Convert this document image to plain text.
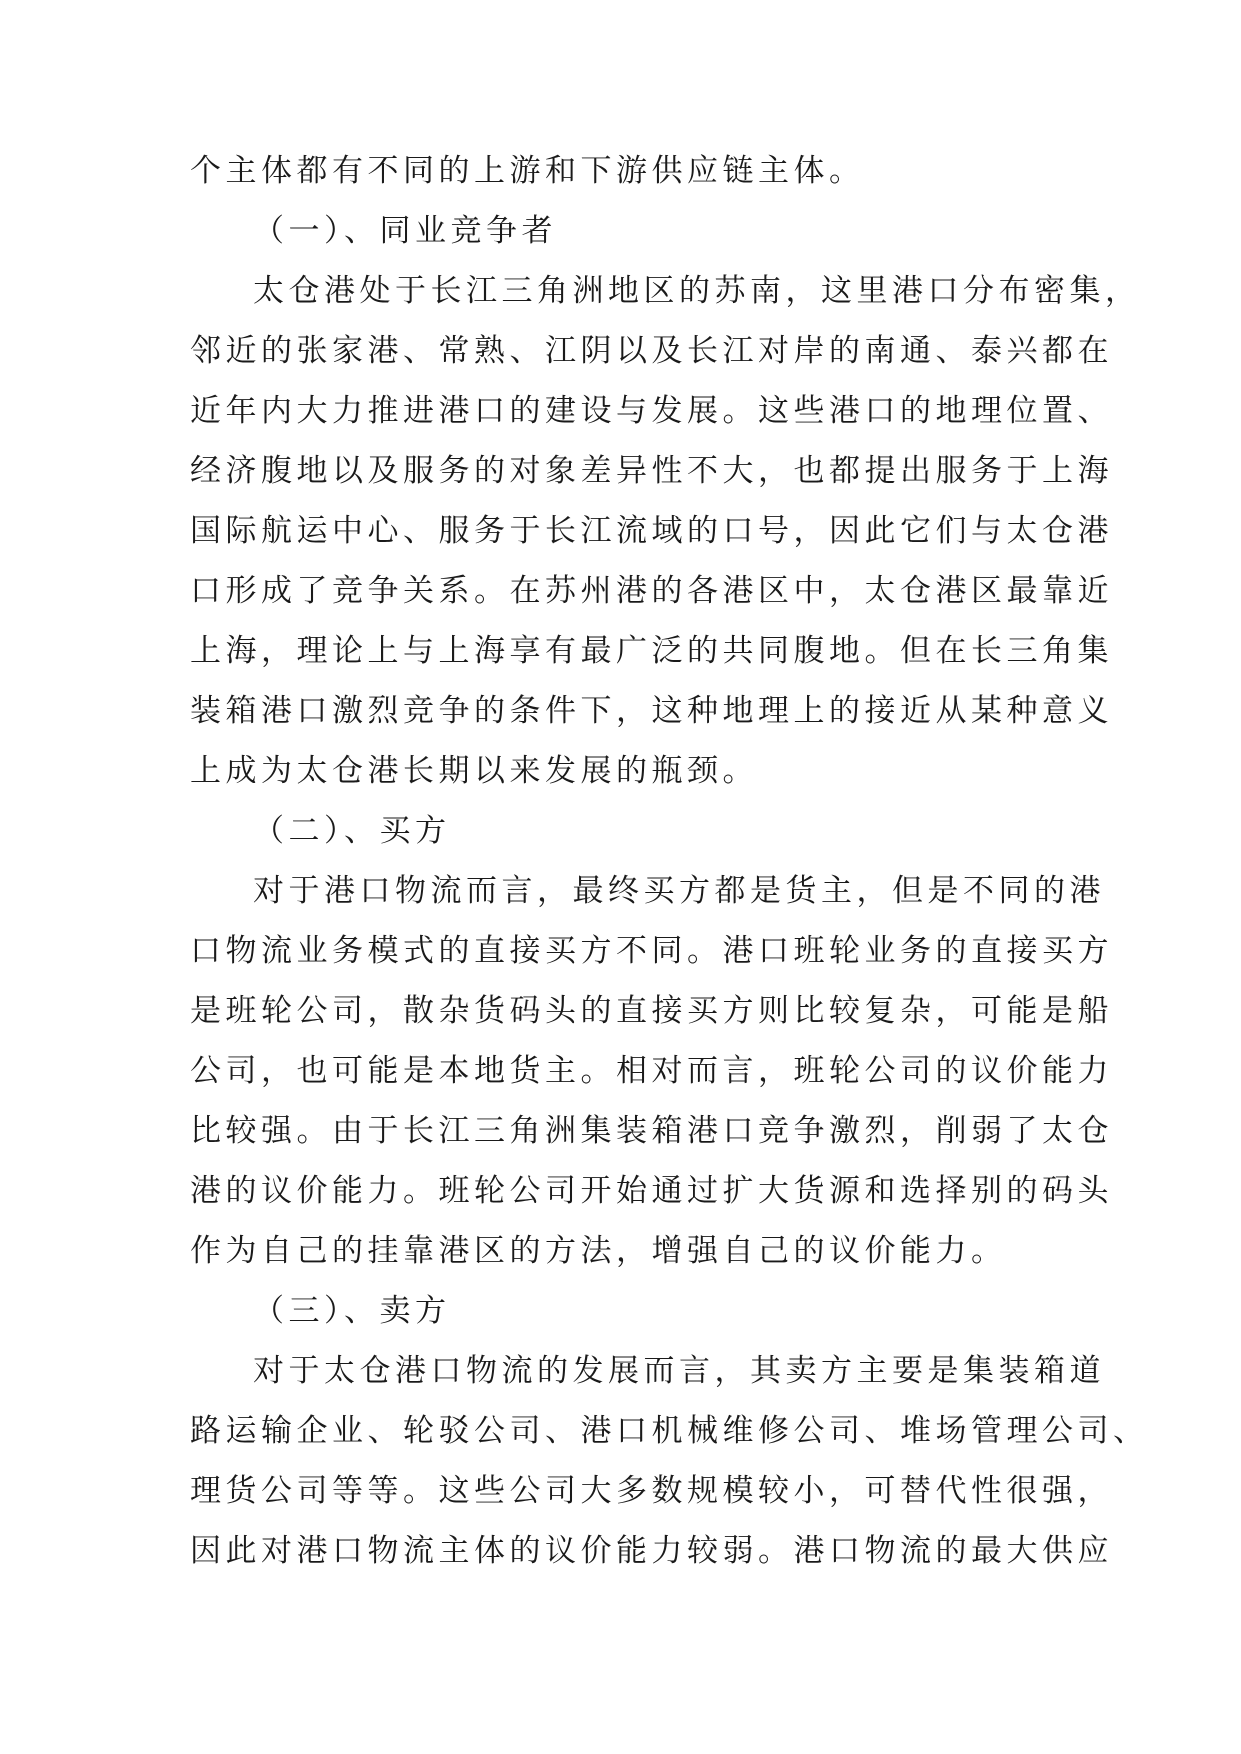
个主体都有不同的上游和下游供应链主体。
（一）、同业竞争者
太仓港处于长江三角洲地区的苏南，这里港口分布密集，
邻近的张家港、常熟、江阴以及长江对岸的南通、泰兴都在
近年内大力推进港口的建设与发展。这些港口的地理位置、
经济腹地以及服务的对象差异性不大，也都提出服务于上海
国际航运中心、服务于长江流域的口号，因此它们与太仓港
口形成了竞争关系。在苏州港的各港区中，太仓港区最靠近
上海，理论上与上海享有最广泛的共同腹地。但在长三角集
装箱港口激烈竞争的条件下，这种地理上的接近从某种意义
上成为太仓港长期以来发展的瓶颈。
（二）、买方
对于港口物流而言，最终买方都是货主，但是不同的港
口物流业务模式的直接买方不同。港口班轮业务的直接买方
是班轮公司，散杂货码头的直接买方则比较复杂，可能是船
公司，也可能是本地货主。相对而言，班轮公司的议价能力
比较强。由于长江三角洲集装箱港口竞争激烈，削弱了太仓
港的议价能力。班轮公司开始通过扩大货源和选择别的码头
作为自己的挂靠港区的方法，增强自己的议价能力。
（三）、卖方
对于太仓港口物流的发展而言，其卖方主要是集装箱道
路运输企业、轮驳公司、港口机械维修公司、堆场管理公司、
理货公司等等。这些公司大多数规模较小，可替代性很强，
因此对港口物流主体的议价能力较弱。港口物流的最大供应
